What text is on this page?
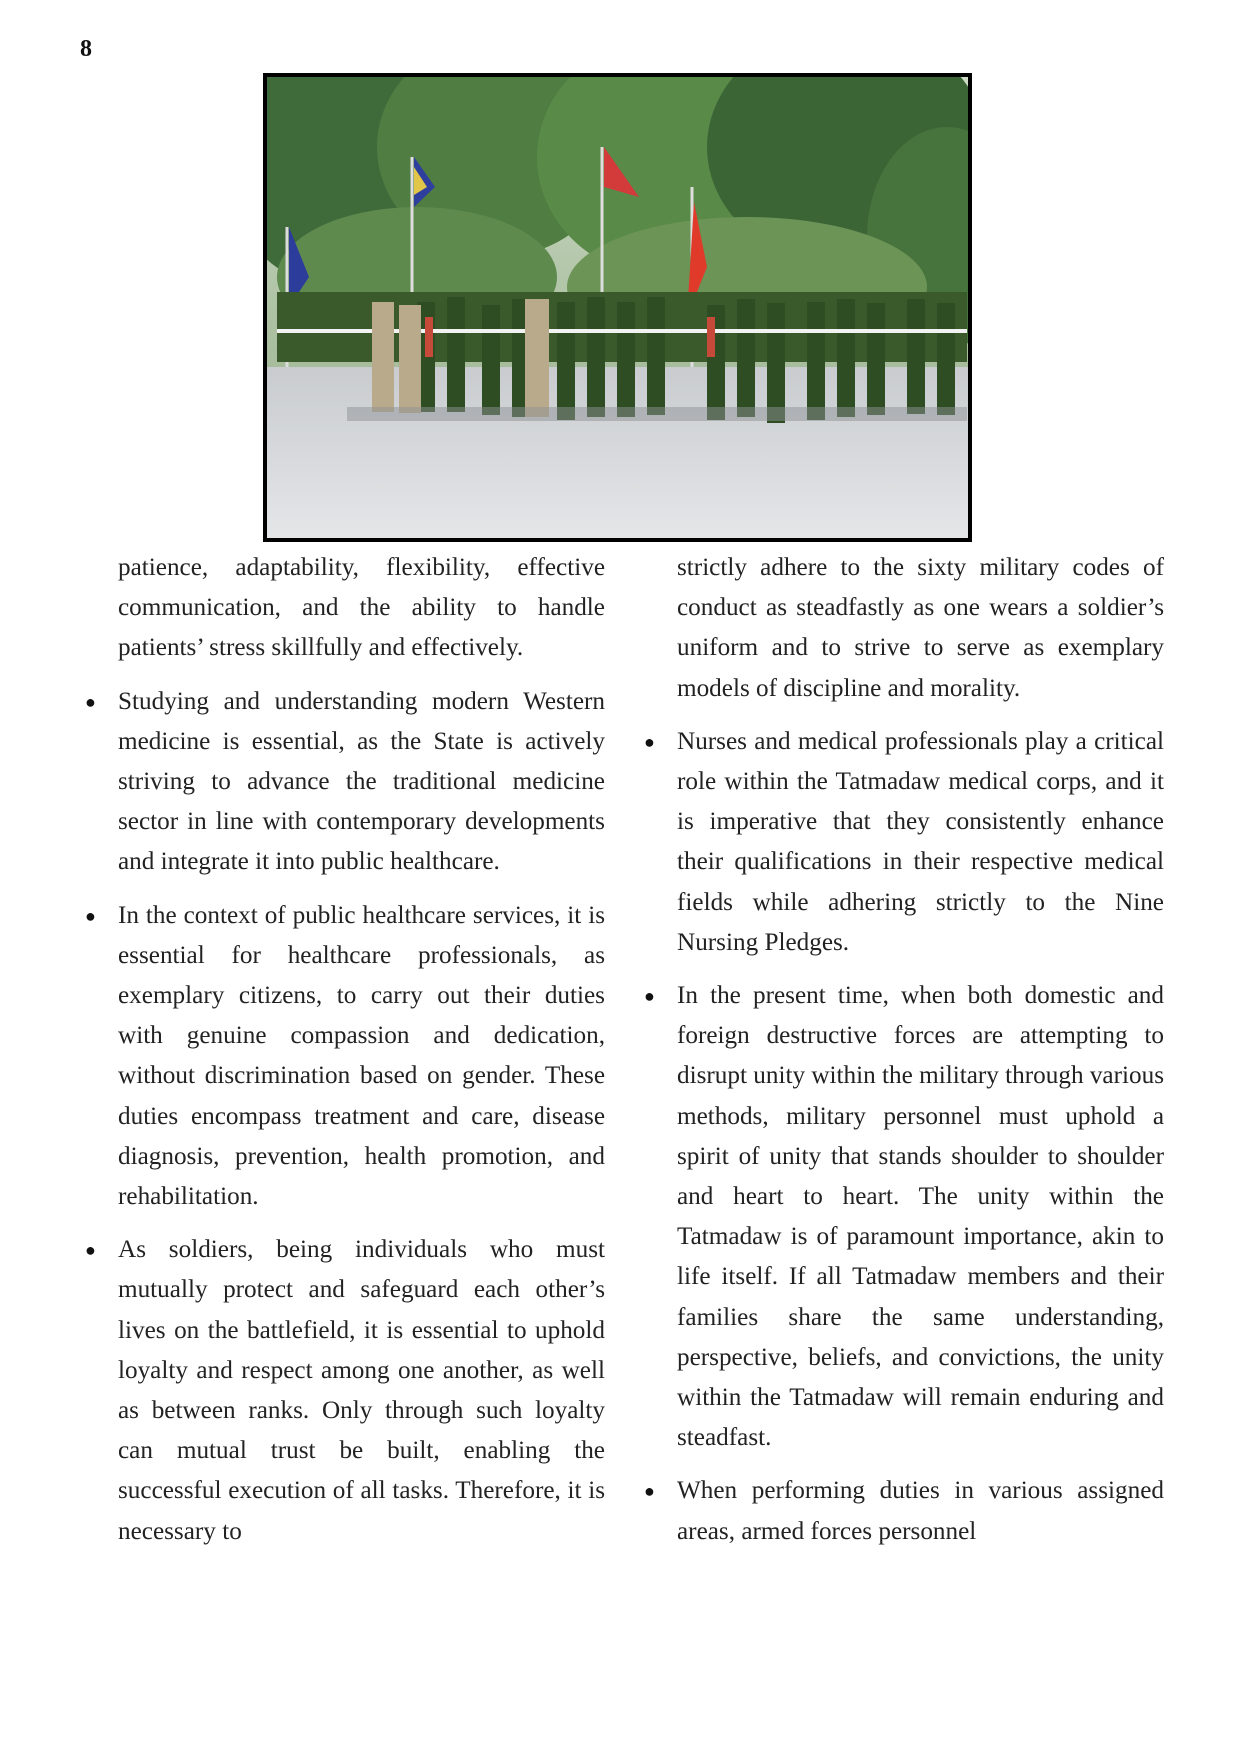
8

patience, adaptability, flexibility, effective communication, and the ability to handle patients’ stress skillfully and effectively.

● Studying and understanding modern Western medicine is essential, as the State is actively striving to advance the traditional medicine sector in line with contemporary developments and integrate it into public healthcare.

● In the context of public healthcare services, it is essential for healthcare professionals, as exemplary citizens, to carry out their duties with genuine compassion and dedication, without discrimination based on gender. These duties encompass treatment and care, disease diagnosis, prevention, health promotion, and rehabilitation.

● As soldiers, being individuals who must mutually protect and safeguard each other’s lives on the battlefield, it is essential to uphold loyalty and respect among one another, as well as between ranks. Only through such loyalty can mutual trust be built, enabling the successful execution of all tasks. Therefore, it is necessary to

strictly adhere to the sixty military codes of conduct as steadfastly as one wears a soldier’s uniform and to strive to serve as exemplary models of discipline and morality.

● Nurses and medical professionals play a critical role within the Tatmadaw medical corps, and it is imperative that they consistently enhance their qualifications in their respective medical fields while adhering strictly to the Nine Nursing Pledges.

● In the present time, when both domestic and foreign destructive forces are attempting to disrupt unity within the military through various methods, military personnel must uphold a spirit of unity that stands shoulder to shoulder and heart to heart. The unity within the Tatmadaw is of paramount importance, akin to life itself. If all Tatmadaw members and their families share the same understanding, perspective, beliefs, and convictions, the unity within the Tatmadaw will remain enduring and steadfast.

● When performing duties in various assigned areas, armed forces personnel
